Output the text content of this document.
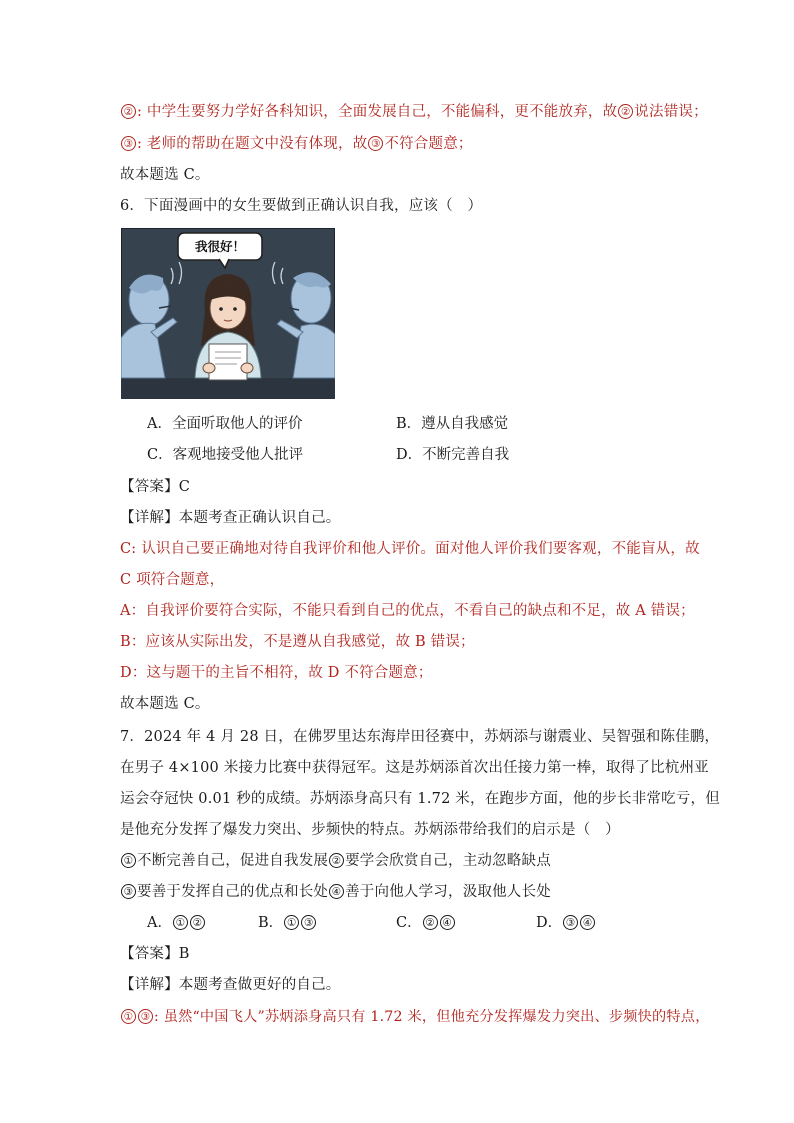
② : 中学生要努力学好各科知识，全面发展自己，不能偏科，更不能放弃，故 ② 说法错误；
③ : 老师的帮助在题文中没有体现，故 ③ 不符合题意；
故本题选 C。
6．下面漫画中的女生要做到正确认识自我，应该（　）
我很好！
A．全面听取他人的评价	B．遵从自我感觉
C．客观地接受他人批评	D．不断完善自我
【答案】C
【详解】本题考查正确认识自己。
C: 认识自己要正确地对待自我评价和他人评价。面对他人评价我们要客观，不能盲从，故
C 项符合题意，
A：自我评价要符合实际，不能只看到自己的优点，不看自己的缺点和不足，故 A 错误；
B：应该从实际出发，不是遵从自我感觉，故 B 错误；
D：这与题干的主旨不相符，故 D 不符合题意；
故本题选 C。
7．2024 年 4 月 28 日，在佛罗里达东海岸田径赛中，苏炳添与谢震业、吴智强和陈佳鹏，
在男子 4×100 米接力比赛中获得冠军。这是苏炳添首次出任接力第一棒，取得了比杭州亚
运会夺冠快 0.01 秒的成绩。苏炳添身高只有 1.72 米，在跑步方面，他的步长非常吃亏，但
是他充分发挥了爆发力突出、步频快的特点。苏炳添带给我们的启示是（　）
① 不断完善自己，促进自我发展 ② 要学会欣赏自己，主动忽略缺点
③ 要善于发挥自己的优点和长处 ④ 善于向他人学习，汲取他人长处
A． ① ②	B． ① ③	C． ② ④	D． ③ ④
【答案】B
【详解】本题考查做更好的自己。
① ③ : 虽然“中国飞人”苏炳添身高只有 1.72 米，但他充分发挥爆发力突出、步频快的特点，
